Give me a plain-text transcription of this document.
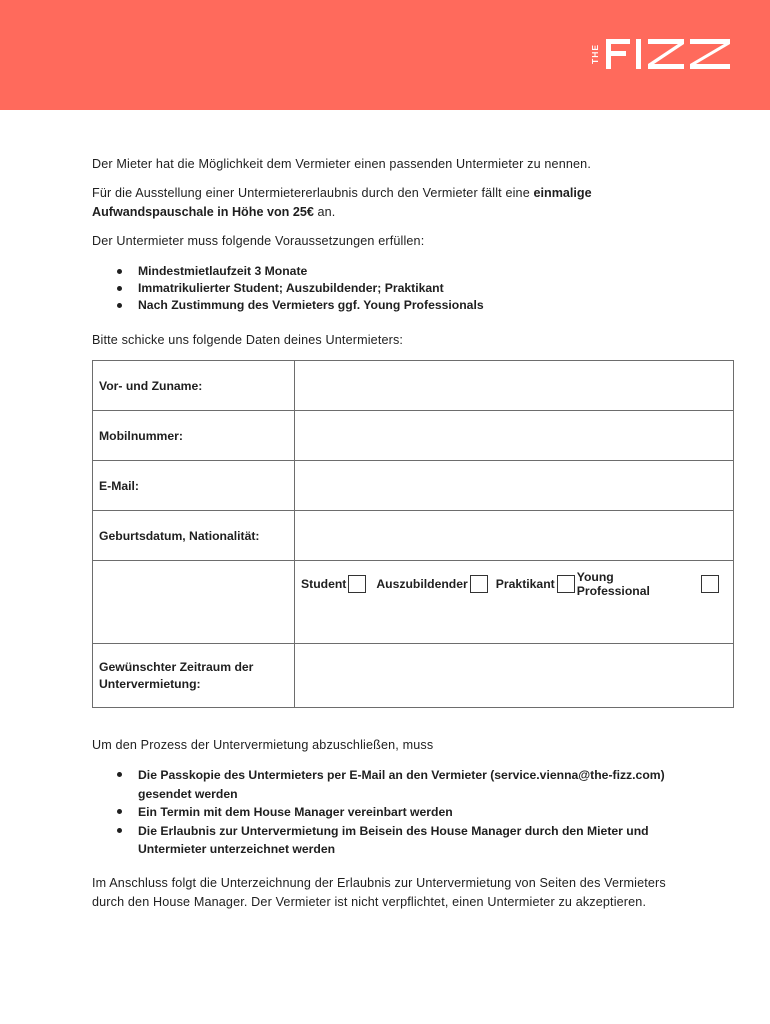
THE
Der Mieter hat die Möglichkeit dem Vermieter einen passenden Untermieter zu nennen.
Für die Ausstellung einer Untermietererlaubnis durch den Vermieter fällt eine einmalige
Aufwandspauschale in Höhe von 25€ an.
Der Untermieter muss folgende Voraussetzungen erfüllen:
Mindestmietlaufzeit 3 Monate
Immatrikulierter Student; Auszubildender; Praktikant
Nach Zustimmung des Vermieters ggf. Young Professionals
Bitte schicke uns folgende Daten deines Untermieters:
Vor- und Zuname:	
Mobilnummer:	
E-Mail:	
Geburtsdatum, Nationalität:	

	Student Auszubildender Praktikant Young Professional

Gewünschter Zeitraum der Untervermietung:	
Um den Prozess der Untervermietung abzuschließen, muss
Die Passkopie des Untermieters per E-Mail an den Vermieter (service.vienna@the-fizz.com) gesendet werden
Ein Termin mit dem House Manager vereinbart werden
Die Erlaubnis zur Untervermietung im Beisein des House Manager durch den Mieter und Untermieter unterzeichnet werden
Im Anschluss folgt die Unterzeichnung der Erlaubnis zur Untervermietung von Seiten des Vermieters durch den House Manager. Der Vermieter ist nicht verpflichtet, einen Untermieter zu akzeptieren.
